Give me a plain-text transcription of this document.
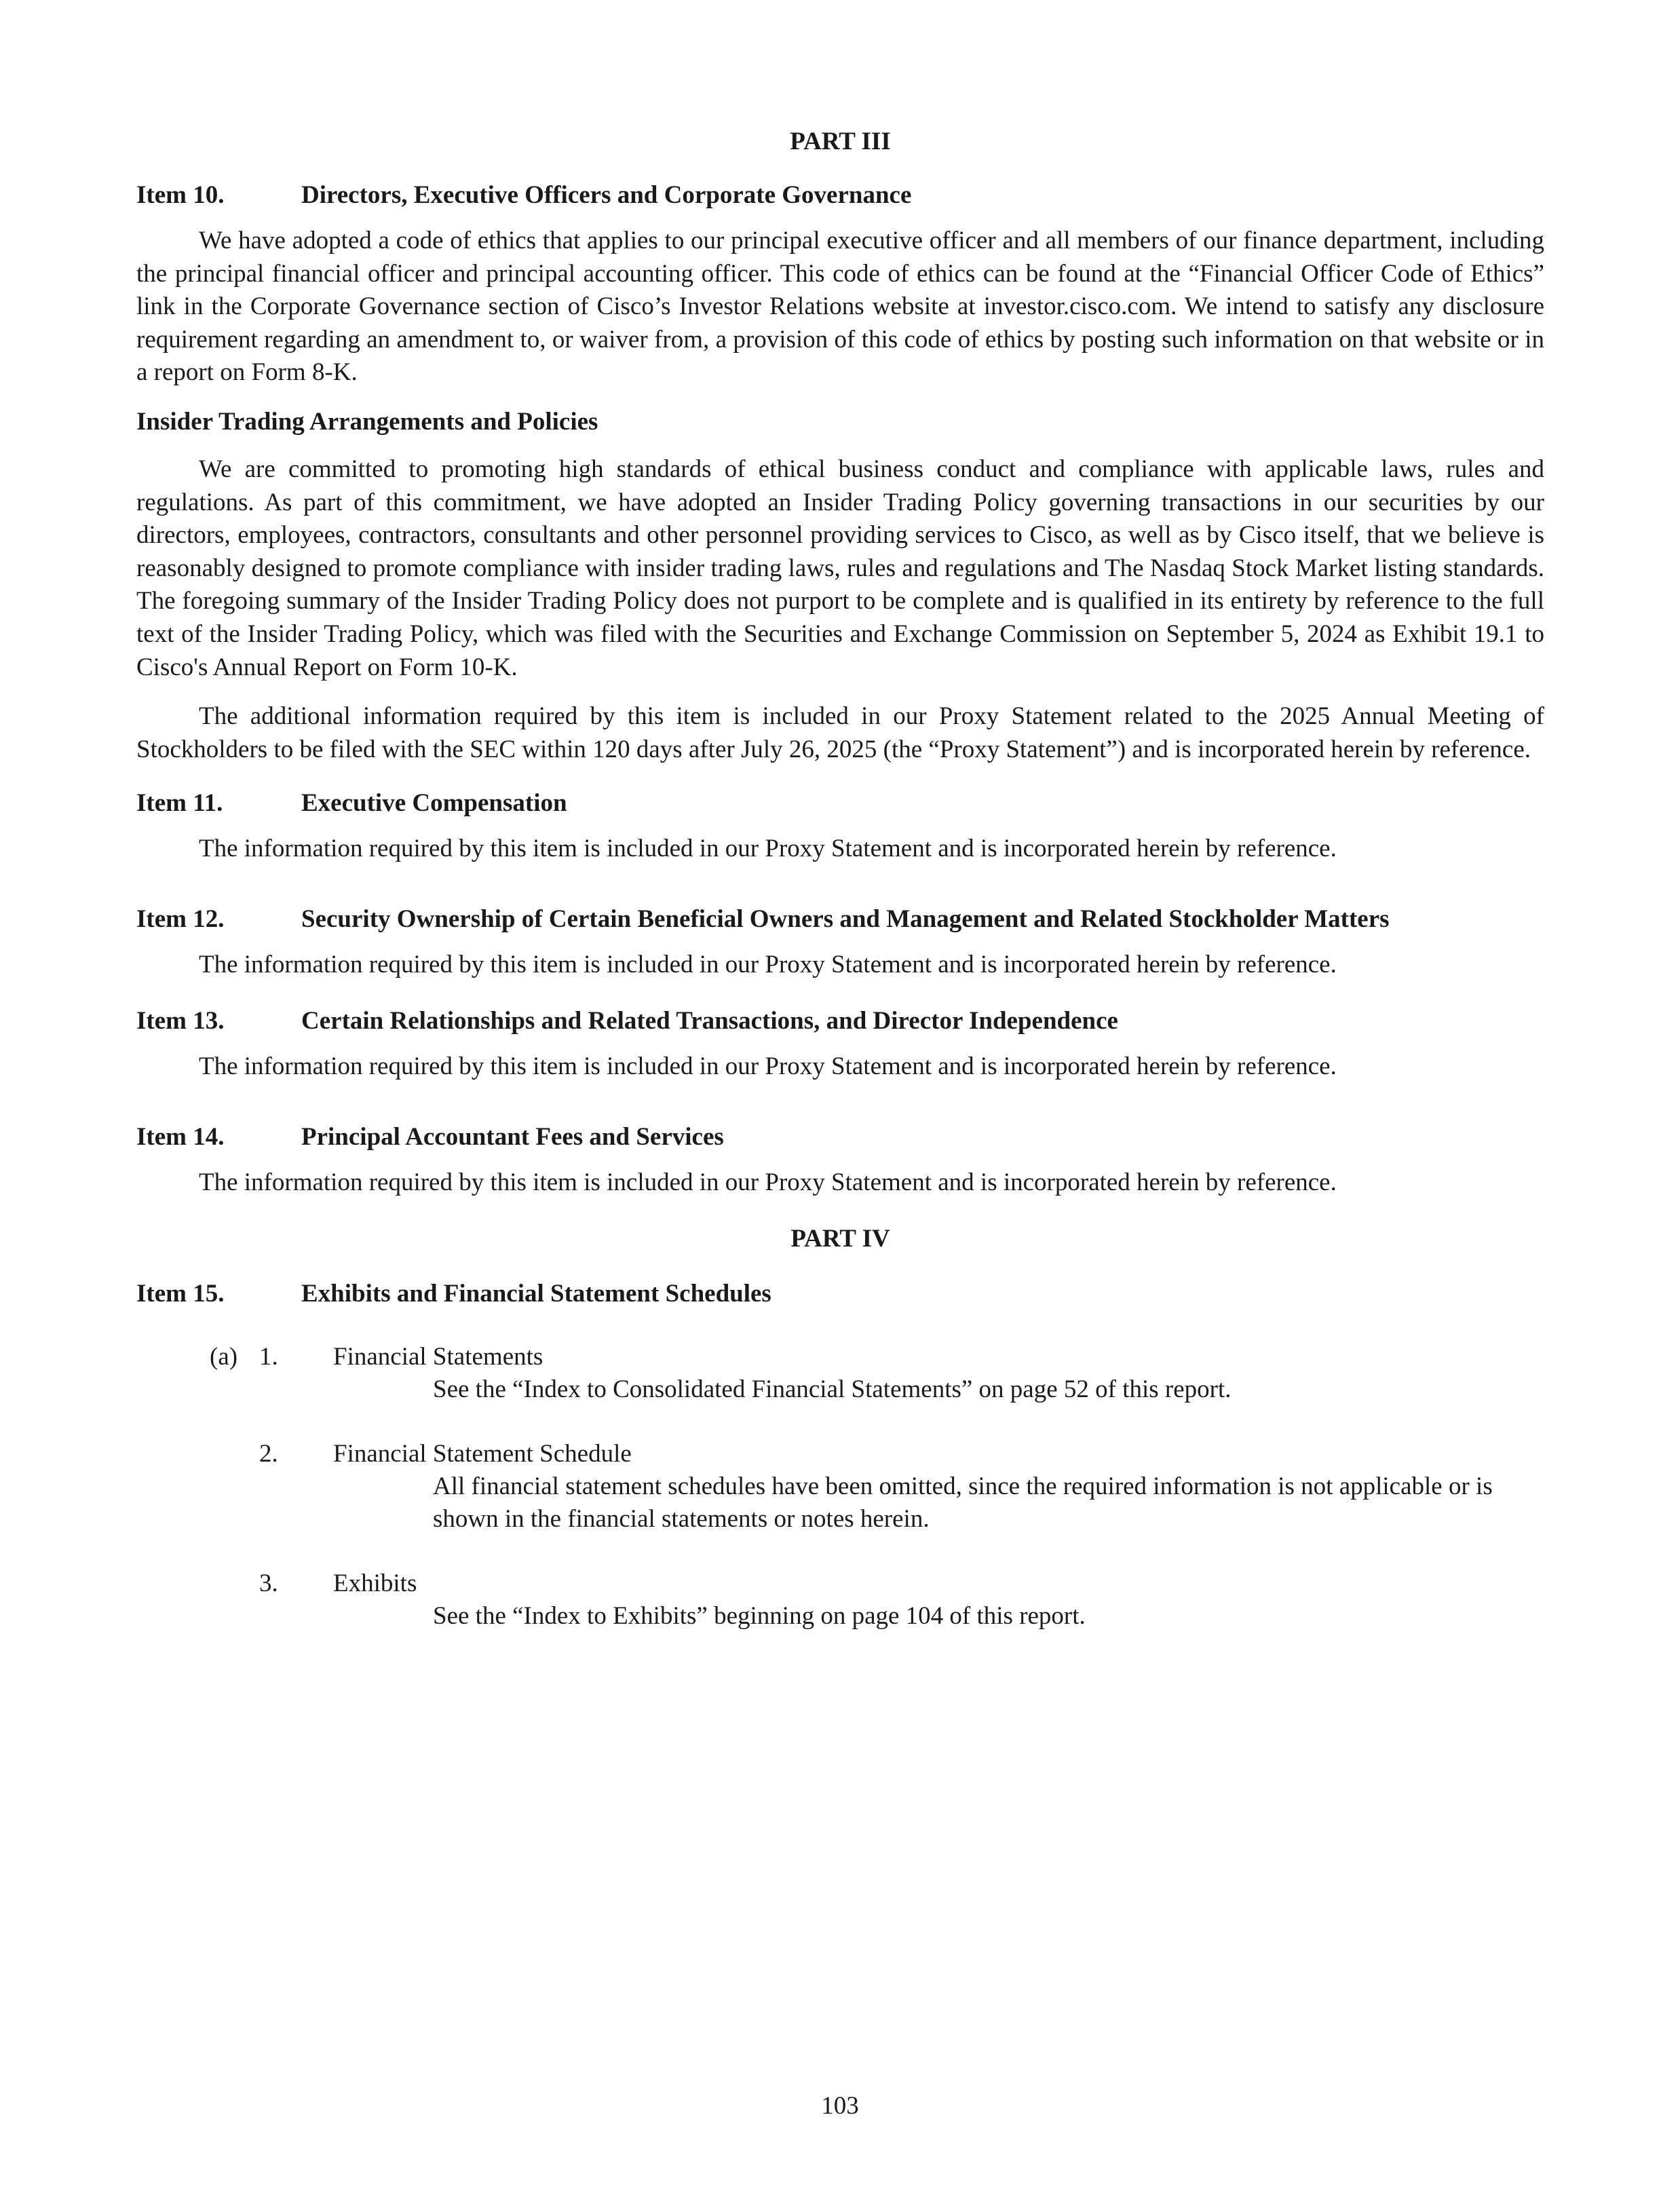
PART III

Item 10.	Directors, Executive Officers and Corporate Governance

We have adopted a code of ethics that applies to our principal executive officer and all members of our finance department, including the principal financial officer and principal accounting officer. This code of ethics can be found at the “Financial Officer Code of Ethics” link in the Corporate Governance section of Cisco’s Investor Relations website at investor.cisco.com. We intend to satisfy any disclosure requirement regarding an amendment to, or waiver from, a provision of this code of ethics by posting such information on that website or in a report on Form 8-K.

Insider Trading Arrangements and Policies

We are committed to promoting high standards of ethical business conduct and compliance with applicable laws, rules and regulations. As part of this commitment, we have adopted an Insider Trading Policy governing transactions in our securities by our directors, employees, contractors, consultants and other personnel providing services to Cisco, as well as by Cisco itself, that we believe is reasonably designed to promote compliance with insider trading laws, rules and regulations and The Nasdaq Stock Market listing standards. The foregoing summary of the Insider Trading Policy does not purport to be complete and is qualified in its entirety by reference to the full text of the Insider Trading Policy, which was filed with the Securities and Exchange Commission on September 5, 2024 as Exhibit 19.1 to Cisco's Annual Report on Form 10-K.

The additional information required by this item is included in our Proxy Statement related to the 2025 Annual Meeting of Stockholders to be filed with the SEC within 120 days after July 26, 2025 (the “Proxy Statement”) and is incorporated herein by reference.

Item 11.	Executive Compensation

The information required by this item is included in our Proxy Statement and is incorporated herein by reference.

Item 12.	Security Ownership of Certain Beneficial Owners and Management and Related Stockholder Matters

The information required by this item is included in our Proxy Statement and is incorporated herein by reference.

Item 13.	Certain Relationships and Related Transactions, and Director Independence

The information required by this item is included in our Proxy Statement and is incorporated herein by reference.

Item 14.	Principal Accountant Fees and Services

The information required by this item is included in our Proxy Statement and is incorporated herein by reference.

PART IV

Item 15.	Exhibits and Financial Statement Schedules
(a) 1. Financial Statements

See the “Index to Consolidated Financial Statements” on page 52 of this report.

2. Financial Statement Schedule

All financial statement schedules have been omitted, since the required information is not applicable or is shown in the financial statements or notes herein.

3. Exhibits

See the “Index to Exhibits” beginning on page 104 of this report.

103
